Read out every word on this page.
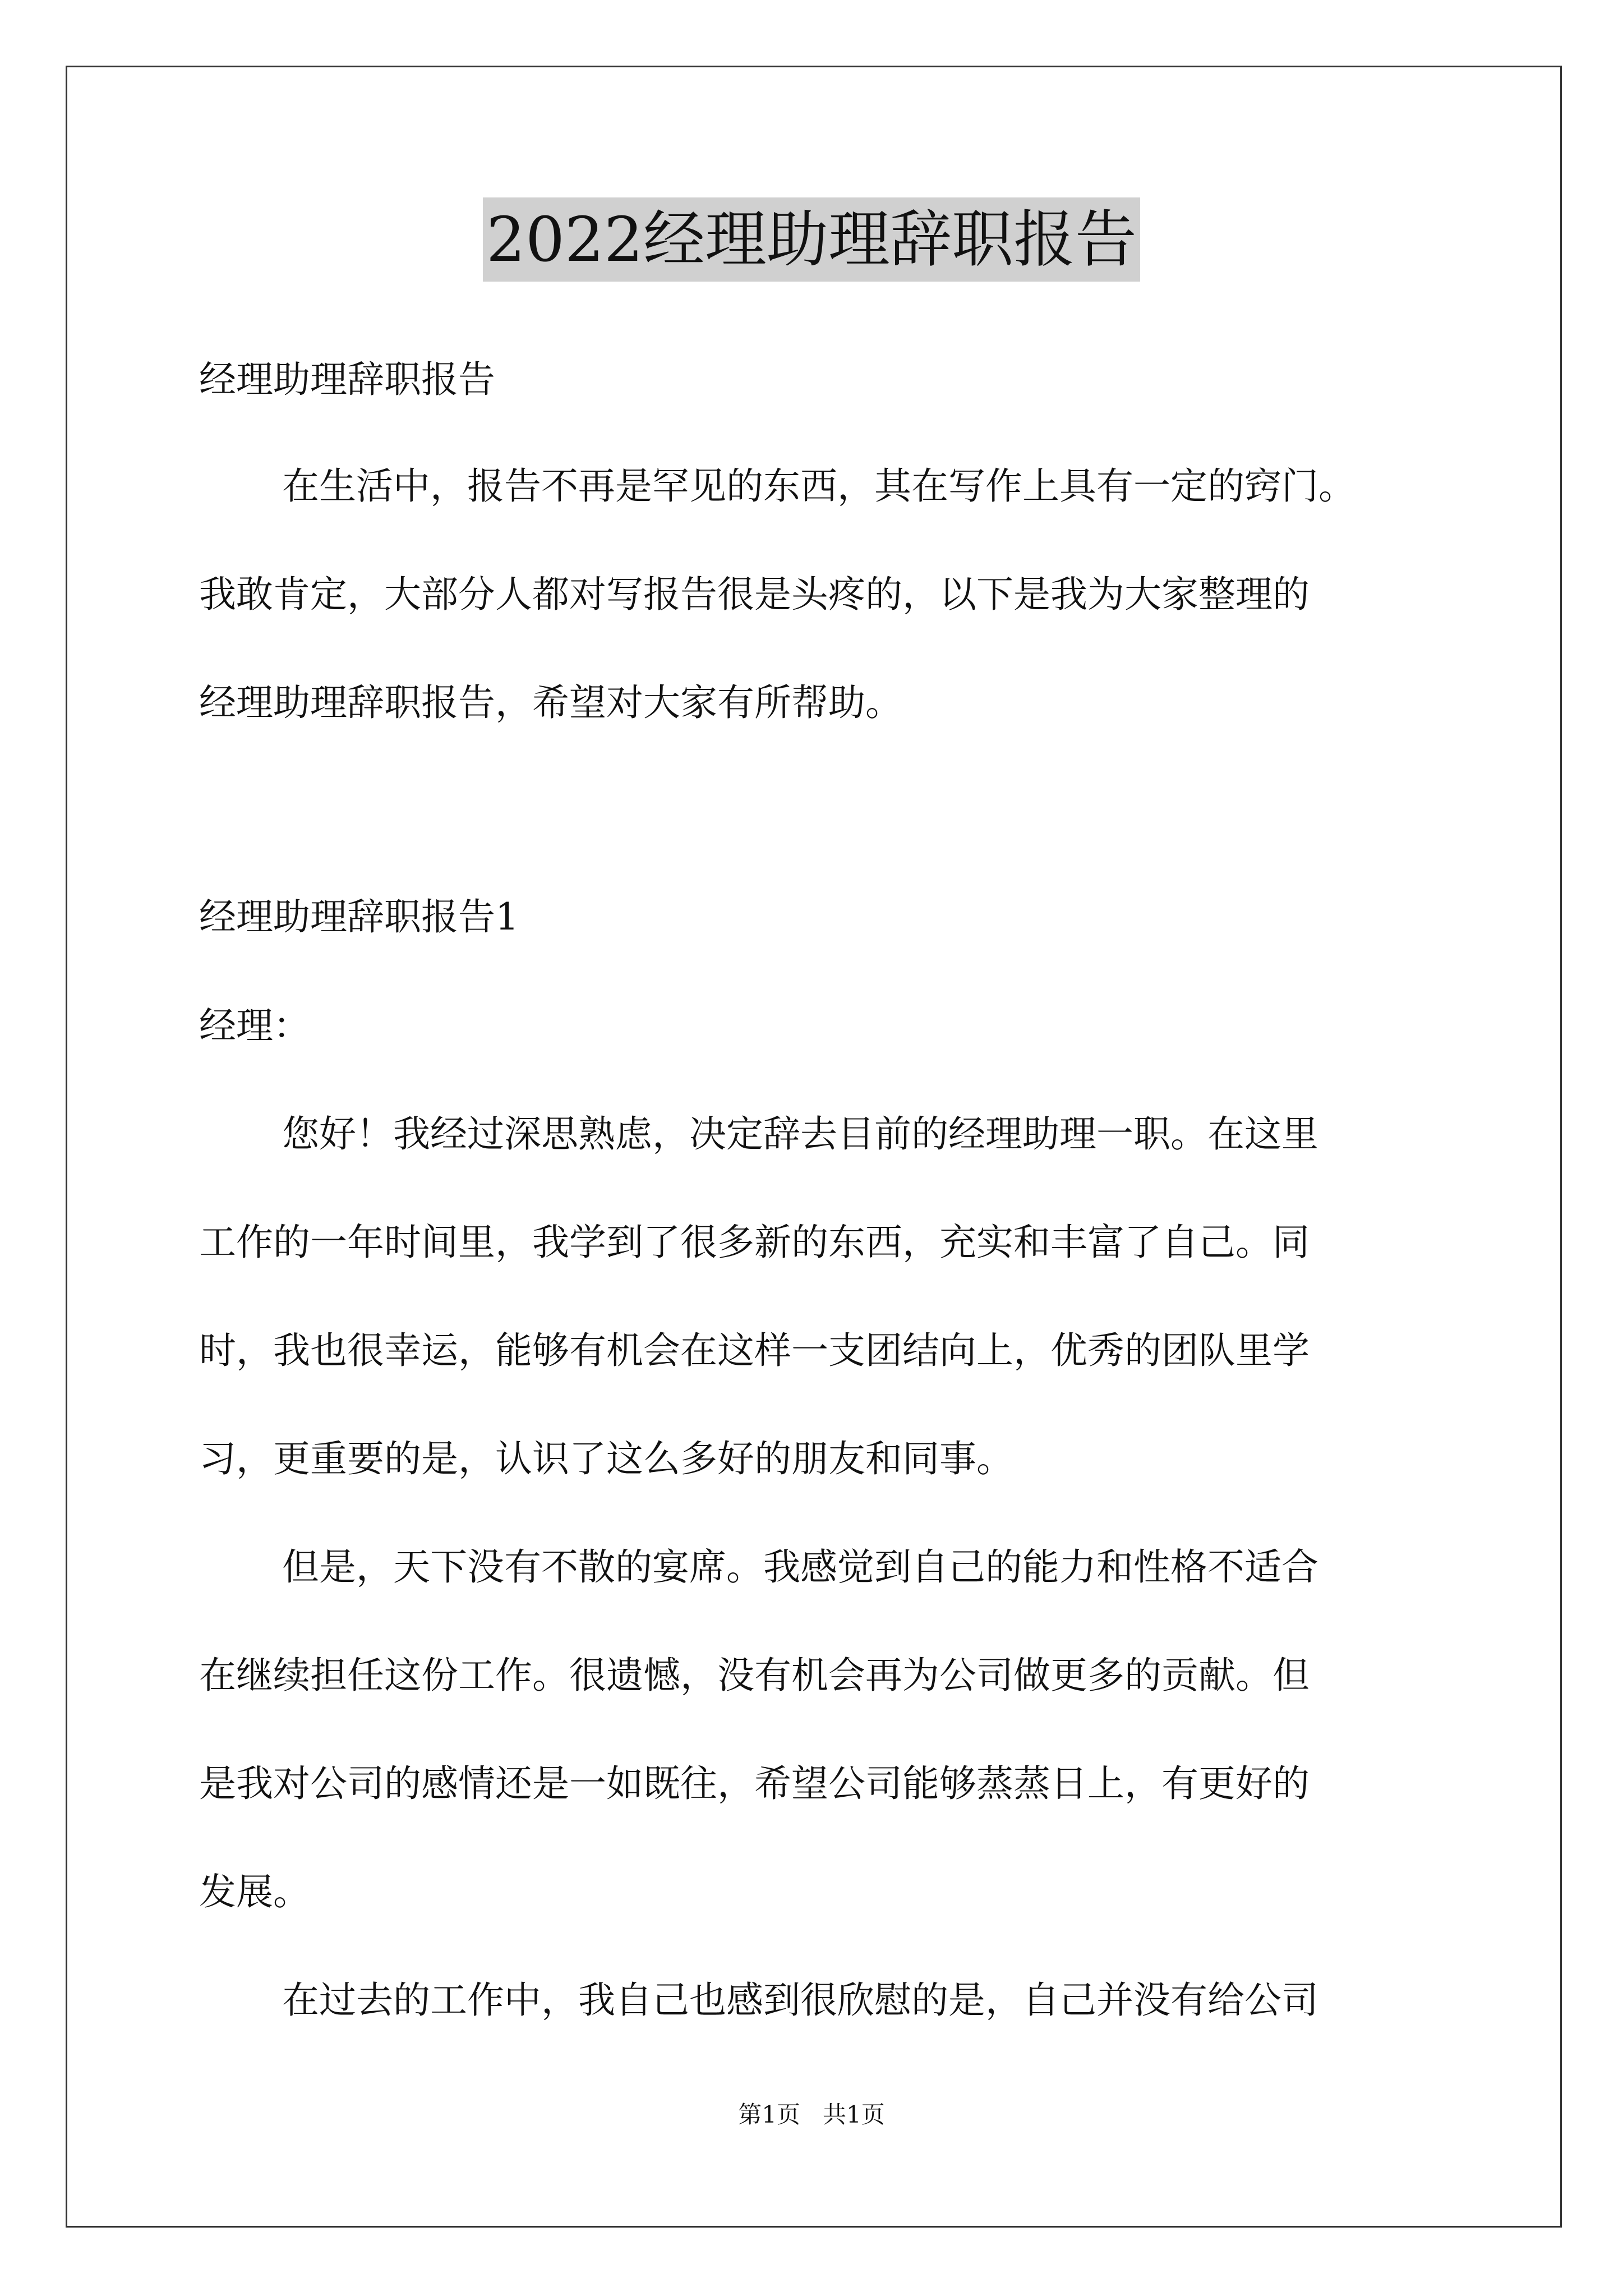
2022经理助理辞职报告
经理助理辞职报告
在生活中，报告不再是罕见的东西，其在写作上具有一定的窍门。
我敢肯定，大部分人都对写报告很是头疼的，以下是我为大家整理的
经理助理辞职报告，希望对大家有所帮助。
经理助理辞职报告1
经理：
您好！我经过深思熟虑，决定辞去目前的经理助理一职。在这里
工作的一年时间里，我学到了很多新的东西，充实和丰富了自己。同
时，我也很幸运，能够有机会在这样一支团结向上，优秀的团队里学
习，更重要的是，认识了这么多好的朋友和同事。
但是，天下没有不散的宴席。我感觉到自己的能力和性格不适合
在继续担任这份工作。很遗憾，没有机会再为公司做更多的贡献。但
是我对公司的感情还是一如既往，希望公司能够蒸蒸日上，有更好的
发展。
在过去的工作中，我自己也感到很欣慰的是，自己并没有给公司
第1页   共1页
